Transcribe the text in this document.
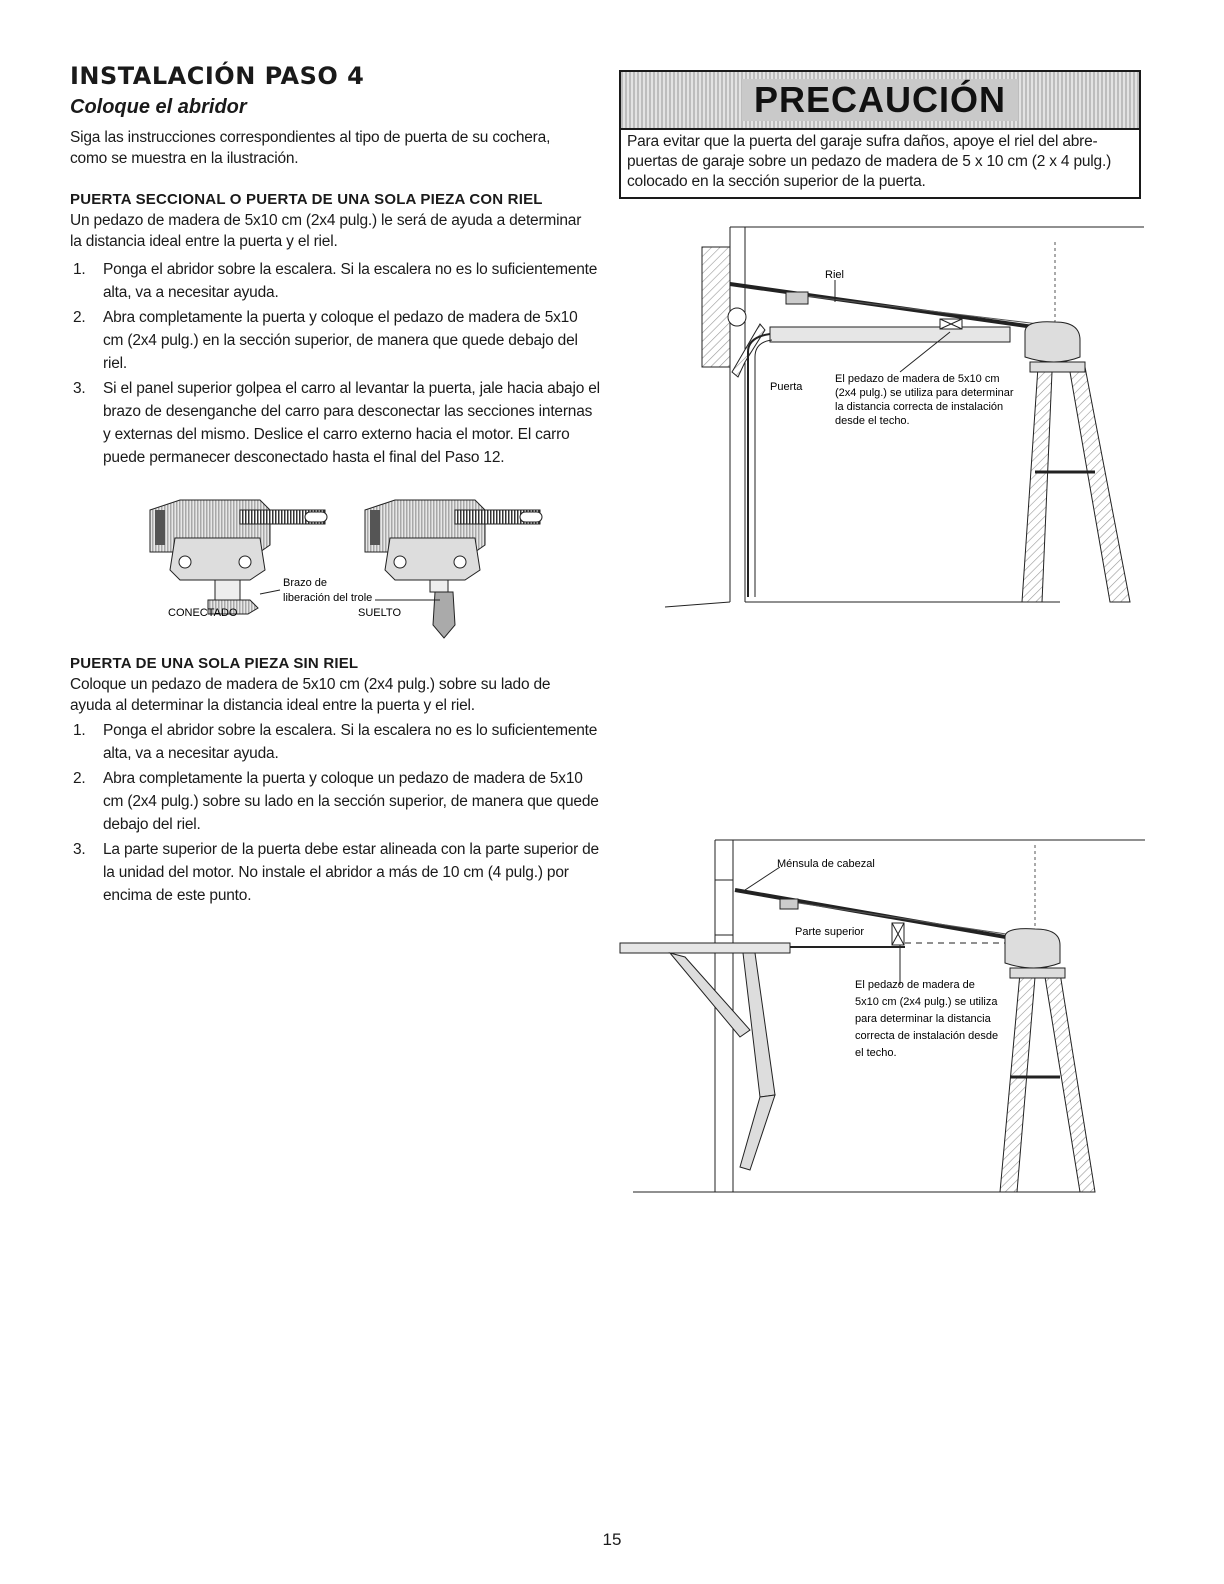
INSTALACIÓN PASO 4
Coloque el abridor
Siga las instrucciones correspondientes al tipo de puerta de su cochera, como se muestra en la ilustración.
PUERTA SECCIONAL O PUERTA DE UNA SOLA PIEZA CON RIEL
Un pedazo de madera de 5x10 cm (2x4 pulg.) le será de ayuda a determinar la distancia ideal entre la puerta y el riel.
1. Ponga el abridor sobre la escalera. Si la escalera no es lo suficientemente alta, va a necesitar ayuda.
2. Abra completamente la puerta y coloque el pedazo de madera de 5x10 cm (2x4 pulg.) en la sección superior, de manera que quede debajo del riel.
3. Si el panel superior golpea el carro al levantar la puerta, jale hacia abajo el brazo de desenganche del carro para desconectar las secciones internas y externas del mismo. Deslice el carro externo hacia el motor. El carro puede permanecer desconectado hasta el final del Paso 12.
Brazo de
liberación del trole
CONECTADO	SUELTO
PUERTA DE UNA SOLA PIEZA SIN RIEL
Coloque un pedazo de madera de 5x10 cm (2x4 pulg.) sobre su lado de ayuda al determinar la distancia ideal entre la puerta y el riel.
1. Ponga el abridor sobre la escalera. Si la escalera no es lo suficientemente alta, va a necesitar ayuda.
2. Abra completamente la puerta y coloque un pedazo de madera de 5x10 cm (2x4 pulg.) sobre su lado en la sección superior, de manera que quede debajo del riel.
3. La parte superior de la puerta debe estar alineada con la parte superior de la unidad del motor. No instale el abridor a más de 10 cm (4 pulg.) por encima de este punto.
PRECAUCIÓN
Para evitar que la puerta del garaje sufra daños, apoye el riel del abre-puertas de garaje sobre un pedazo de madera de 5 x 10 cm (2 x 4 pulg.) colocado en la sección superior de la puerta.
Riel
Puerta
El pedazo de madera de 5x10 cm
(2x4 pulg.) se utiliza para determinar
la distancia correcta de instalación
desde el techo.
Ménsula de cabezal
Parte superior
El pedazo de madera de
5x10 cm (2x4 pulg.) se utiliza
para determinar la distancia
correcta de instalación desde
el techo.
15
